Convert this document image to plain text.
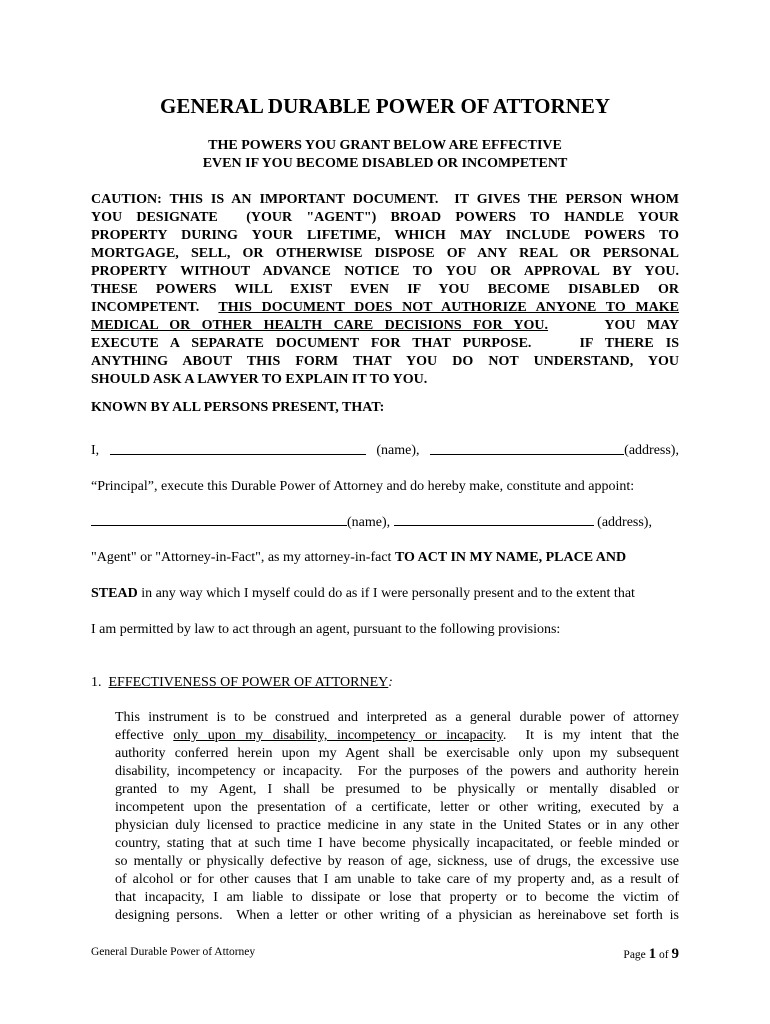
GENERAL DURABLE POWER OF ATTORNEY
THE POWERS YOU GRANT BELOW ARE EFFECTIVE
EVEN IF YOU BECOME DISABLED OR INCOMPETENT
CAUTION: THIS IS AN IMPORTANT DOCUMENT.  IT GIVES THE PERSON WHOM
YOU DESIGNATE  (YOUR "AGENT") BROAD POWERS TO HANDLE YOUR
PROPERTY DURING YOUR LIFETIME, WHICH MAY INCLUDE POWERS TO
MORTGAGE, SELL, OR OTHERWISE DISPOSE OF ANY REAL OR PERSONAL
PROPERTY WITHOUT ADVANCE NOTICE TO YOU OR APPROVAL BY YOU.
THESE POWERS WILL EXIST EVEN IF YOU BECOME DISABLED OR
INCOMPETENT.  THIS DOCUMENT DOES NOT AUTHORIZE ANYONE TO MAKE
MEDICAL OR OTHER HEALTH CARE DECISIONS FOR YOU.     YOU MAY
EXECUTE A SEPARATE DOCUMENT FOR THAT PURPOSE.    IF THERE IS
ANYTHING ABOUT THIS FORM THAT YOU DO NOT UNDERSTAND, YOU
SHOULD ASK A LAWYER TO EXPLAIN IT TO YOU.
KNOWN BY ALL PERSONS PRESENT, THAT:
I,	(name),	(address),
“Principal”, execute this Durable Power of Attorney and do hereby make, constitute and appoint:
(name),	(address),
"Agent" or "Attorney-in-Fact", as my attorney-in-fact TO ACT IN MY NAME, PLACE AND
STEAD in any way which I myself could do as if I were personally present and to the extent that
I am permitted by law to act through an agent, pursuant to the following provisions:
1. EFFECTIVENESS OF POWER OF ATTORNEY:
This instrument is to be construed and interpreted as a general durable power of attorney
effective only upon my disability, incompetency or incapacity.  It is my intent that the
authority conferred herein upon my Agent shall be exercisable only upon my subsequent
disability, incompetency or incapacity.  For the purposes of the powers and authority herein
granted to my Agent, I shall be presumed to be physically or mentally disabled or
incompetent upon the presentation of a certificate, letter or other writing, executed by a
physician duly licensed to practice medicine in any state in the United States or in any other
country, stating that at such time I have become physically incapacitated, or feeble minded or
so mentally or physically defective by reason of age, sickness, use of drugs, the excessive use
of alcohol or for other causes that I am unable to take care of my property and, as a result of
that incapacity, I am liable to dissipate or lose that property or to become the victim of
designing persons.  When a letter or other writing of a physician as hereinabove set forth is
General Durable Power of Attorney	Page 1 of 9
